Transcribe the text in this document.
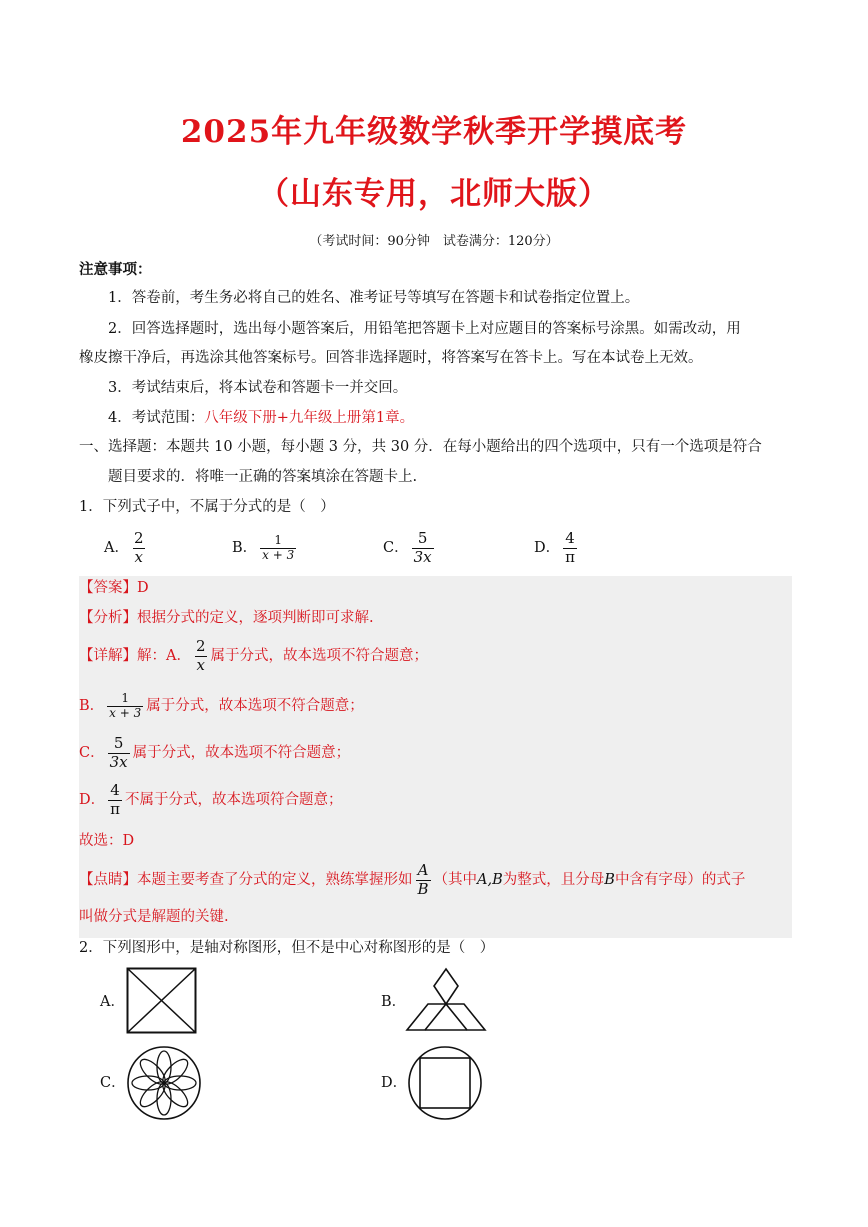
2025年九年级数学秋季开学摸底考
（山东专用，北师大版）
（考试时间：90分钟　试卷满分：120分）
注意事项：
1．答卷前，考生务必将自己的姓名、准考证号等填写在答题卡和试卷指定位置上。
2．回答选择题时，选出每小题答案后，用铅笔把答题卡上对应题目的答案标号涂黑。如需改动，用
橡皮擦干净后，再选涂其他答案标号。回答非选择题时，将答案写在答卡上。写在本试卷上无效。
3．考试结束后，将本试卷和答题卡一并交回。
4．考试范围：八年级下册+九年级上册第1章。
一、选择题：本题共 10 小题，每小题 3 分，共 30 分．在每小题给出的四个选项中，只有一个选项是符合
题目要求的．将唯一正确的答案填涂在答题卡上.
1．下列式子中，不属于分式的是（　）
A． $\frac{2}{x}$	B． $\frac{1}{x + 3}$	C． $\frac{5}{3x}$	D． $\frac{4}{\pi}$
【答案】D
【分析】根据分式的定义，逐项判断即可求解.
【详解】解：A． $\frac{2}{x}$ 属于分式，故本选项不符合题意；
B． $\frac{1}{x + 3}$ 属于分式，故本选项不符合题意；
C． $\frac{5}{3x}$ 属于分式，故本选项不符合题意；
D． $\frac{4}{\pi}$ 不属于分式，故本选项符合题意；
故选：D
【点睛】本题主要考查了分式的定义，熟练掌握形如 $\frac{A}{B}$ （其中 A,B 为整式，且分母 B 中含有字母）的式子
叫做分式是解题的关键.
2．下列图形中，是轴对称图形，但不是中心对称图形的是（　）
A．	B．
C．	D．
